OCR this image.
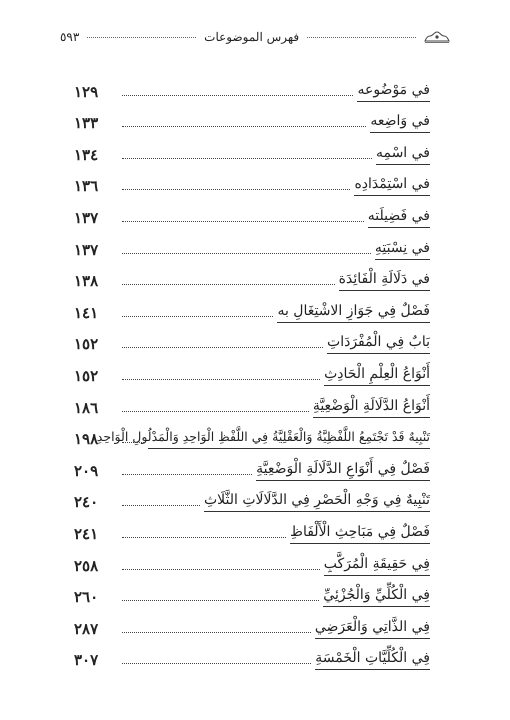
فهرس الموضوعات
٥٩٣
في مَوْضُوعه
١٢٩
في وَاضِعه
١٣٣
في اسْمِه
١٣٤
في اسْتِمْدَادِه
١٣٦
في فَضِيلَته
١٣٧
في نِسْبَتِهِ
١٣٧
في دَلَالَةِ الْفَائِدَة
١٣٨
فَصْلٌ فِي جَوَازِ الاشْتِغَالِ به
١٤١
بَابٌ فِي الْمُفْرَدَاتِ
١٥٢
أَنْوَاعُ الْعِلْمِ الْحَادِثِ
١٥٢
أَنْوَاعُ الدَّلَالَةِ الْوَضْعِيَّةِ
١٨٦
تَنْبِيهٌ قَدْ تَجْتَمِعُ اللَّفْظِيَّةُ وَالْعَقْلِيَّةُ فِي اللَّفْظِ الْوَاحِدِ وَالْمَدْلُولِ الْوَاحِدِ
١٩٨
فَصْلٌ فِي أَنْوَاعِ الدَّلَالَةِ الْوَضْعِيَّةِ
٢٠٩
تَنْبِيهٌ فِي وَجْهِ الْحَصْرِ فِي الدَّلَالَاتِ الثَّلَاثِ
٢٤٠
فَصْلٌ فِي مَبَاحِثِ الْأَلْفَاظِ
٢٤١
فِي حَقِيقَةِ الْمُرَكَّبِ
٢٥٨
فِي الْكُلِّيِّ وَالْجُزْئِيِّ
٢٦٠
فِي الذَّاتِي وَالْعَرَضِي
٢٨٧
فِي الْكُلِّيَّاتِ الْخَمْسَةِ
٣٠٧
